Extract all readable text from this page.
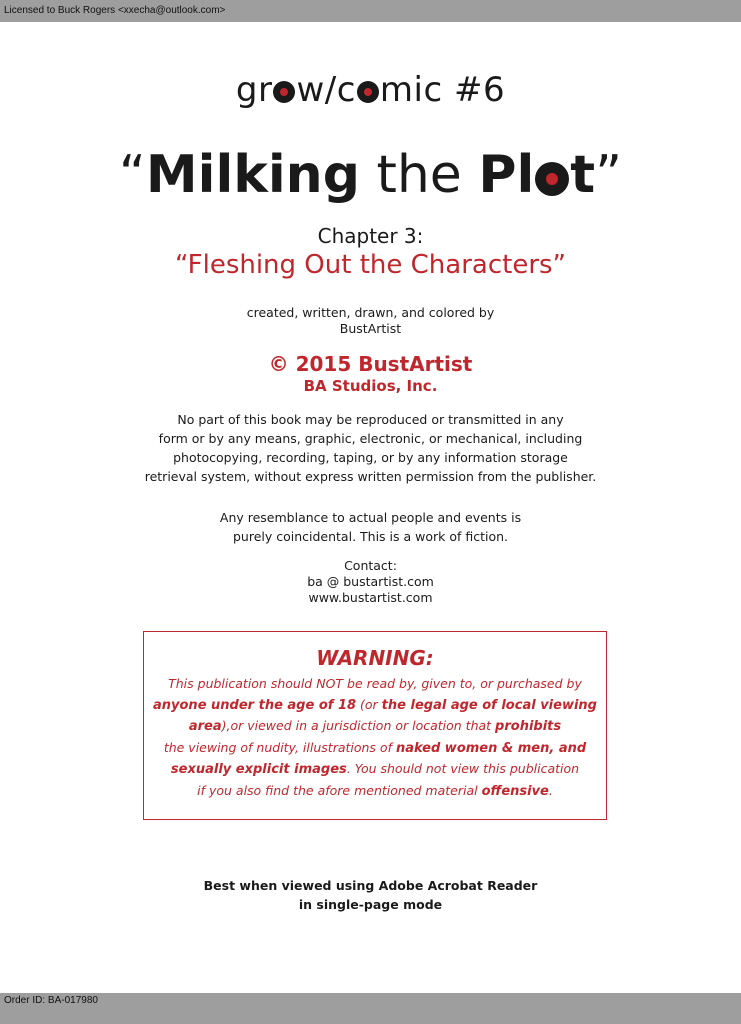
Licensed to Buck Rogers <xxecha@outlook.com>
gr w/c mic #6
“Milking the Pl t”
Chapter 3:
“Fleshing Out the Characters”
created, written, drawn, and colored by
BustArtist
© 2015 BustArtist
BA Studios, Inc.
No part of this book may be reproduced or transmitted in any
form or by any means, graphic, electronic, or mechanical, including
photocopying, recording, taping, or by any information storage
retrieval system, without express written permission from the publisher.
Any resemblance to actual people and events is
purely coincidental. This is a work of fiction.
Contact:
ba @ bustartist.com
www.bustartist.com
WARNING:
This publication should NOT be read by, given to, or purchased by
anyone under the age of 18 (or the legal age of local viewing
area),or viewed in a jurisdiction or location that prohibits
the viewing of nudity, illustrations of naked women & men, and
sexually explicit images. You should not view this publication
if you also find the afore mentioned material offensive.
Best when viewed using Adobe Acrobat Reader
in single-page mode
Order ID: BA-017980
